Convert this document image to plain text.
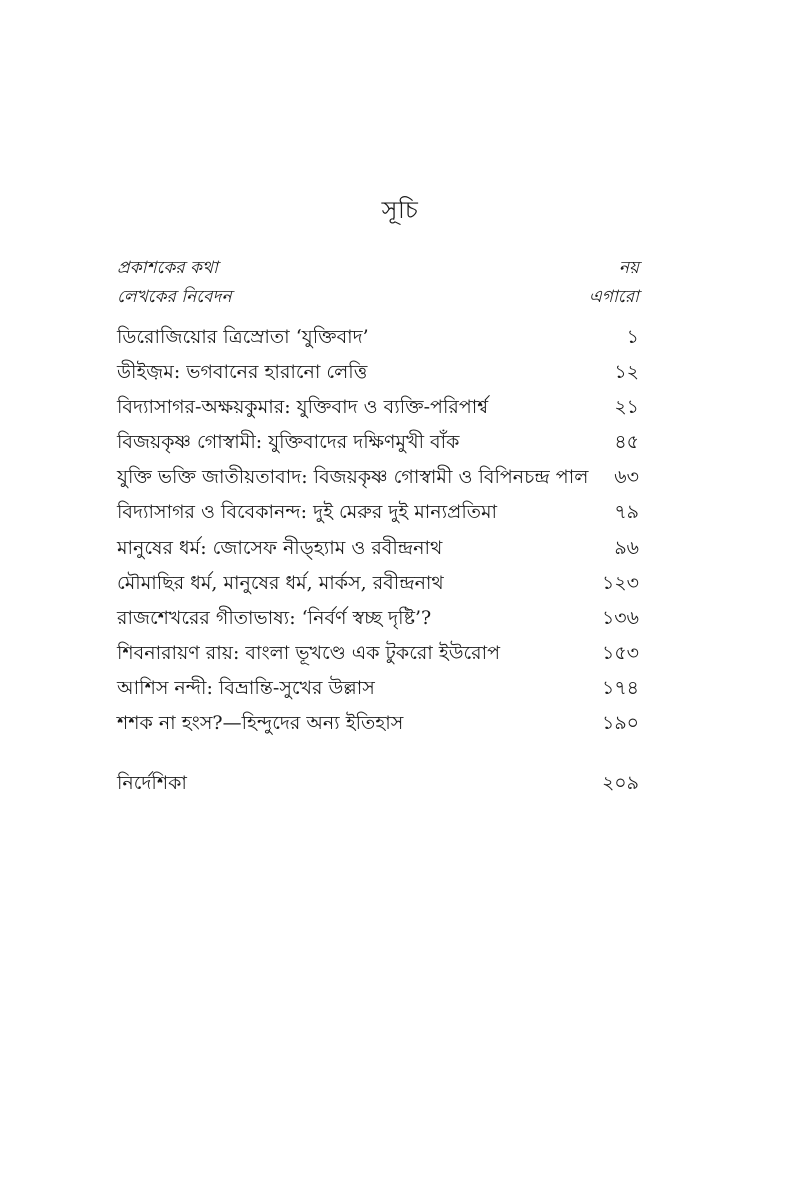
সূচি
প্রকাশকের কথা	নয়
লেখকের নিবেদন	এগারো
ডিরোজিয়োর ত্রিস্রোতা ‘যুক্তিবাদ’	১
ডীইজ়ম: ভগবানের হারানো লেত্তি	১২
বিদ্যাসাগর-অক্ষয়কুমার: যুক্তিবাদ ও ব্যক্তি-পরিপার্শ্ব	২১
বিজয়কৃষ্ণ গোস্বামী: যুক্তিবাদের দক্ষিণমুখী বাঁক	৪৫
যুক্তি ভক্তি জাতীয়তাবাদ: বিজয়কৃষ্ণ গোস্বামী ও বিপিনচন্দ্র পাল ৬৩
বিদ্যাসাগর ও বিবেকানন্দ: দুই মেরুর দুই মান্যপ্রতিমা	৭৯
মানুষের ধর্ম: জোসেফ নীড্‌হ্যাম ও রবীন্দ্রনাথ	৯৬
মৌমাছির ধর্ম, মানুষের ধর্ম, মার্কস, রবীন্দ্রনাথ	১২৩
রাজশেখরের গীতাভাষ্য: ‘নির্বর্ণ স্বচ্ছ দৃষ্টি’?	১৩৬
শিবনারায়ণ রায়: বাংলা ভূখণ্ডে এক টুকরো ইউরোপ	১৫৩
আশিস নন্দী: বিভ্রান্তি-সুখের উল্লাস	১৭৪
শশক না হংস?—হিন্দুদের অন্য ইতিহাস	১৯০
নির্দেশিকা	২০৯
